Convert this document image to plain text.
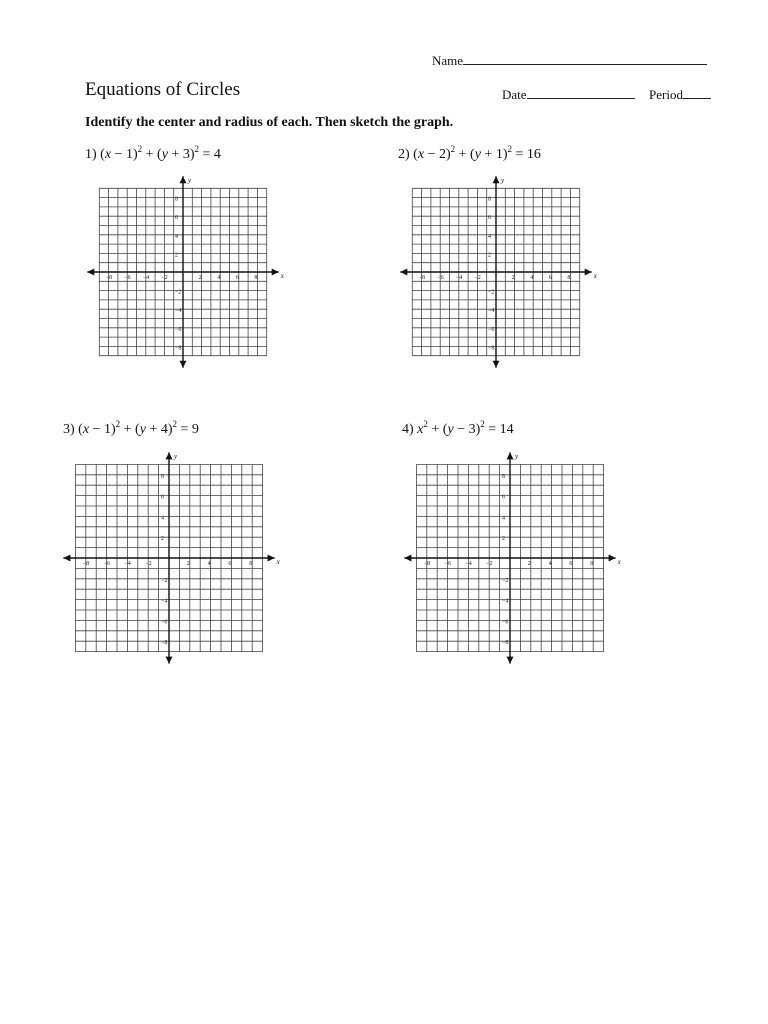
Name
Equations of Circles	Date	Period
Identify the center and radius of each. Then sketch the graph.
1) $(x - 1)^2 + (y + 3)^2 = 4$	2) $(x - 2)^2 + (y + 1)^2 = 16$
3) $(x - 1)^2 + (y + 4)^2 = 9$	4) $x^2 + (y - 3)^2 = 14$
x
y
−8 −6 −4 −2	2	4	6	8
8
6
4
2
−2
−4
−6
−8
x
y
−8 −6 −4 −2	2	4	6	8
8
6
4
2
−2
−4
−6
−8
x
y
−8 −6 −4 −2	2	4	6	8
8
6
4
2
−2
−4
−6
−8
x
y
−8 −6 −4 −2	2	4	6	8
8
6
4
2
−2
−4
−6
−8
